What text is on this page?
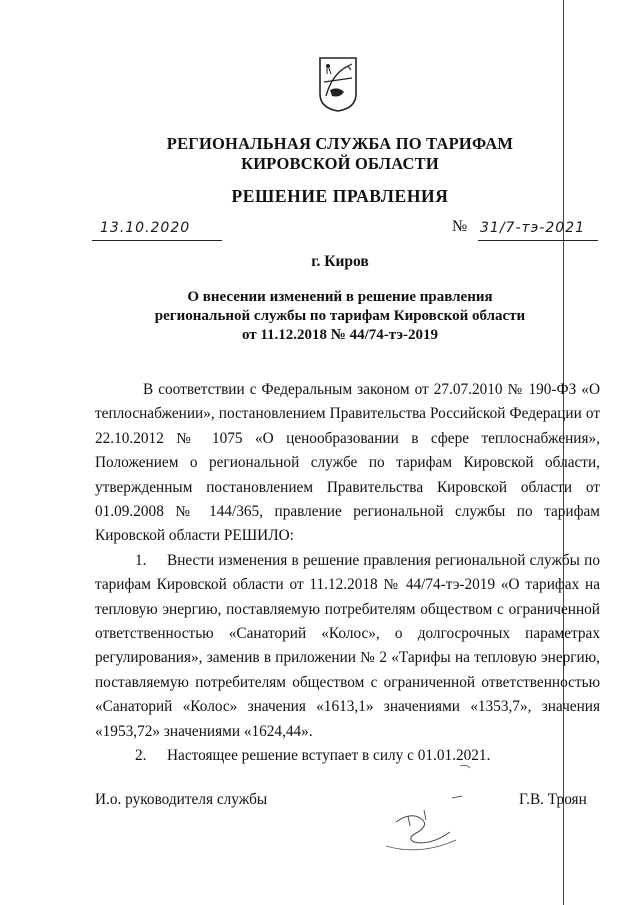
РЕГИОНАЛЬНАЯ СЛУЖБА ПО ТАРИФАМ
КИРОВСКОЙ ОБЛАСТИ
РЕШЕНИЕ ПРАВЛЕНИЯ
13.10.2020	№ 31/7-тэ-2021
г. Киров
О внесении изменений в решение правления
региональной службы по тарифам Кировской области
от 11.12.2018 № 44/74-тэ-2019

В соответствии с Федеральным законом от 27.07.2010 № 190-ФЗ «О теплоснабжении», постановлением Правительства Российской Федерации от 22.10.2012 № 1075 «О ценообразовании в сфере теплоснабжения», Положением о региональной службе по тарифам Кировской области, утвержденным постановлением Правительства Кировской области от 01.09.2008 № 144/365, правление региональной службы по тарифам Кировской области РЕШИЛО:

1. Внести изменения в решение правления региональной службы по тарифам Кировской области от 11.12.2018 № 44/74-тэ-2019 «О тарифах на тепловую энергию, поставляемую потребителям обществом с ограниченной ответственностью «Санаторий «Колос», о долгосрочных параметрах регулирования», заменив в приложении № 2 «Тарифы на тепловую энергию, поставляемую потребителям обществом с ограниченной ответственностью «Санаторий «Колос» значения «1613,1» значениями «1353,7», значения «1953,72» значениями «1624,44».

2. Настоящее решение вступает в силу с 01.01.2021.

И.о. руководителя службы	Г.В. Троян
